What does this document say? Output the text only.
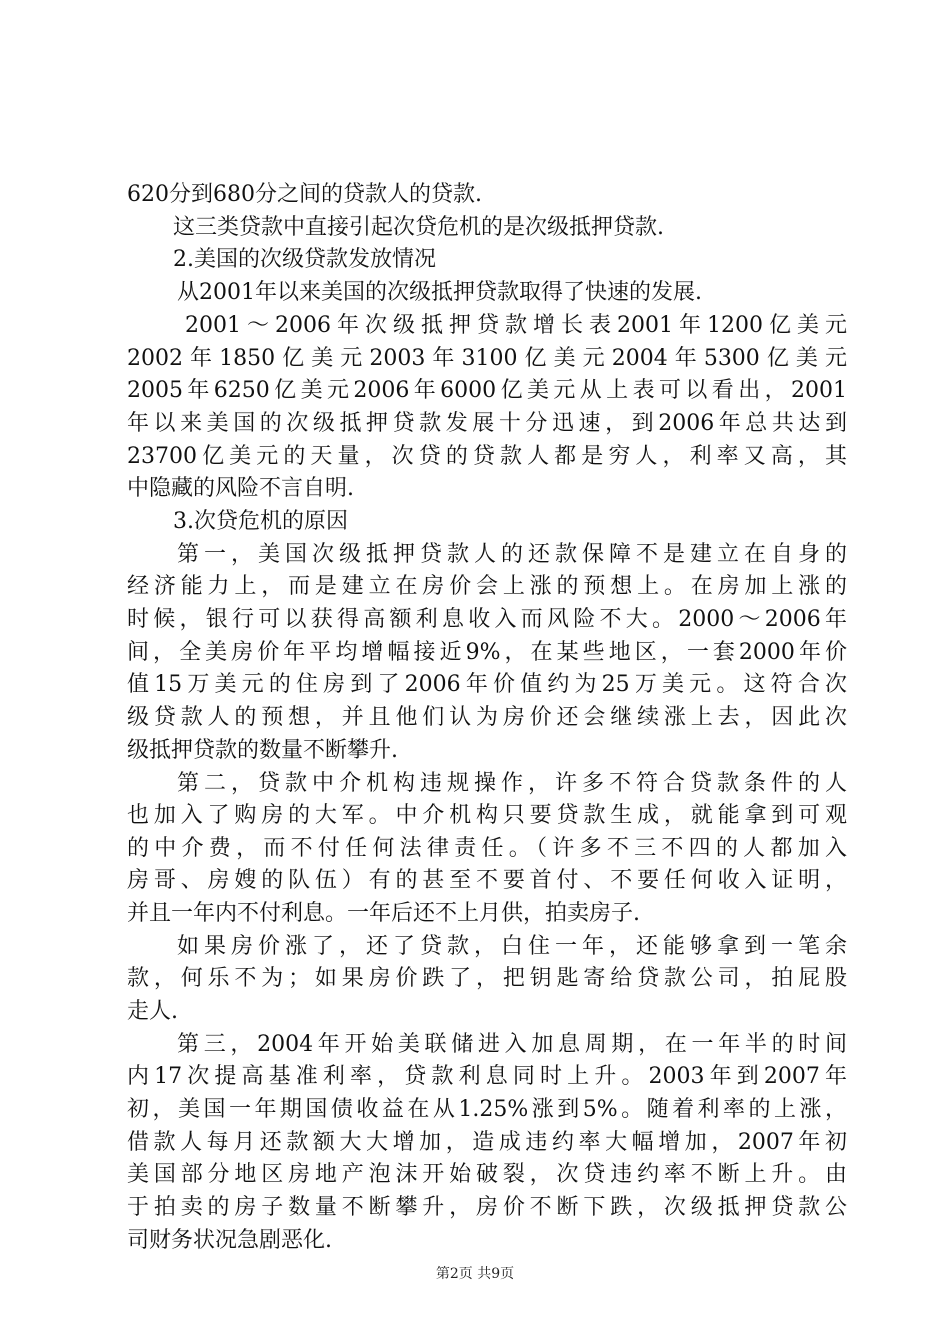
620分到680分之间的贷款人的贷款.
这三类贷款中直接引起次贷危机的是次级抵押贷款.
2.美国的次级贷款发放情况
从2001年以来美国的次级抵押贷款取得了快速的发展.
2001～2006年次级抵押贷款增长表2001年1200亿美元
2002年1850亿美元2003年3100亿美元2004年5300亿美元
2005年6250亿美元2006年6000亿美元从上表可以看出，2001
年以来美国的次级抵押贷款发展十分迅速，到2006年总共达到
23700亿美元的天量，次贷的贷款人都是穷人，利率又高，其
中隐藏的风险不言自明.
3.次贷危机的原因
第一，美国次级抵押贷款人的还款保障不是建立在自身的
经济能力上，而是建立在房价会上涨的预想上。在房加上涨的
时候，银行可以获得高额利息收入而风险不大。2000～2006年
间，全美房价年平均增幅接近9%，在某些地区，一套2000年价
值15万美元的住房到了2006年价值约为25万美元。这符合次
级贷款人的预想，并且他们认为房价还会继续涨上去，因此次
级抵押贷款的数量不断攀升.
第二，贷款中介机构违规操作，许多不符合贷款条件的人
也加入了购房的大军。中介机构只要贷款生成，就能拿到可观
的中介费，而不付任何法律责任。（许多不三不四的人都加入
房哥、房嫂的队伍）有的甚至不要首付、不要任何收入证明，
并且一年内不付利息。一年后还不上月供，拍卖房子.
如果房价涨了，还了贷款，白住一年，还能够拿到一笔余
款，何乐不为；如果房价跌了，把钥匙寄给贷款公司，拍屁股
走人.
第三，2004年开始美联储进入加息周期，在一年半的时间
内17次提高基准利率，贷款利息同时上升。2003年到2007年
初，美国一年期国债收益在从1.25%涨到5%。随着利率的上涨，
借款人每月还款额大大增加，造成违约率大幅增加，2007年初
美国部分地区房地产泡沫开始破裂，次贷违约率不断上升。由
于拍卖的房子数量不断攀升，房价不断下跌，次级抵押贷款公
司财务状况急剧恶化.
第2页 共9页
